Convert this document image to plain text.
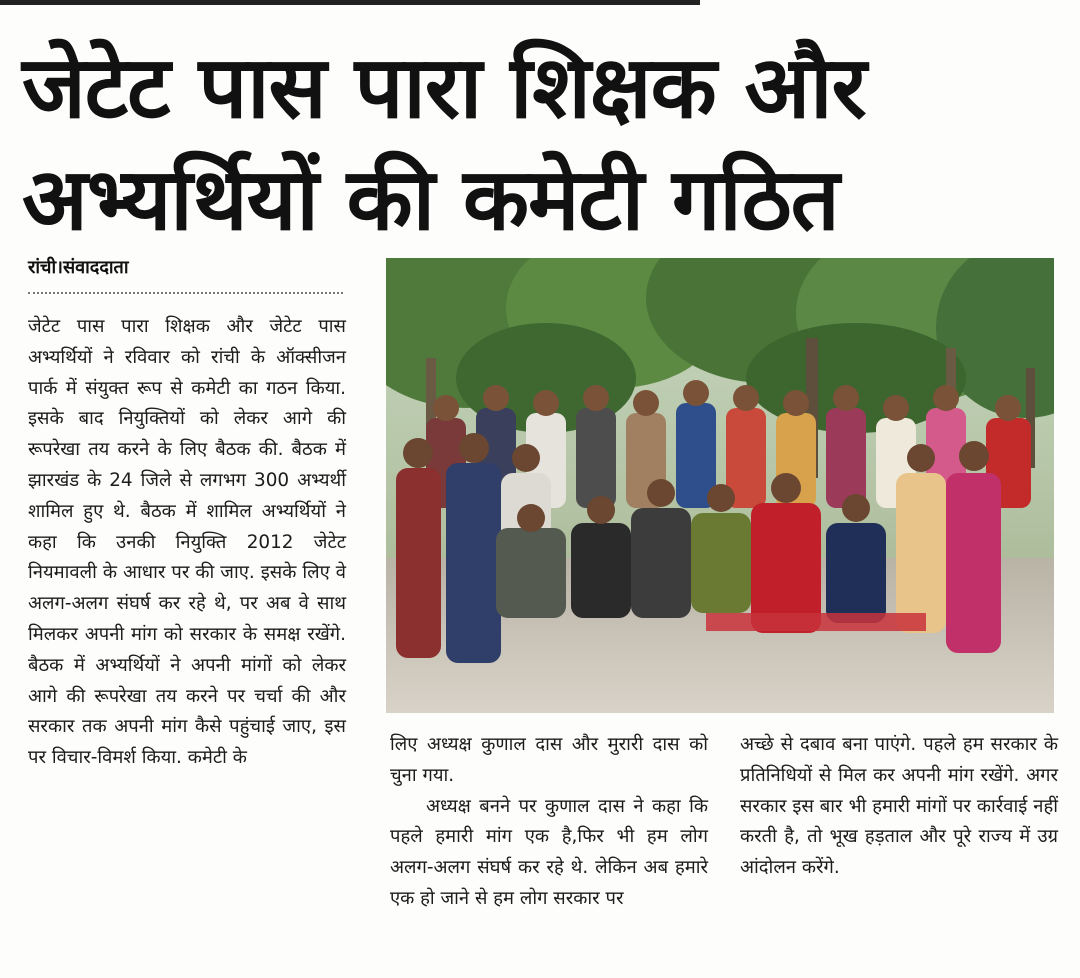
जेटेट पास पारा शिक्षक और अभ्यर्थियों की कमेटी गठित
रांची।संवाददाता

जेटेट पास पारा शिक्षक और जेटेट पास अभ्यर्थियों ने रविवार को रांची के ऑक्सीजन पार्क में संयुक्त रूप से कमेटी का गठन किया. इसके बाद नियुक्तियों को लेकर आगे की रूपरेखा तय करने के लिए बैठक की. बैठक में झारखंड के 24 जिले से लगभग 300 अभ्यर्थी शामिल हुए थे. बैठक में शामिल अभ्यर्थियों ने कहा कि उनकी नियुक्ति 2012 जेटेट नियमावली के आधार पर की जाए. इसके लिए वे अलग-अलग संघर्ष कर रहे थे, पर अब वे साथ मिलकर अपनी मांग को सरकार के समक्ष रखेंगे. बैठक में अभ्यर्थियों ने अपनी मांगों को लेकर आगे की रूपरेखा तय करने पर चर्चा की और सरकार तक अपनी मांग कैसे पहुंचाई जाए, इस पर विचार-विमर्श किया. कमेटी के

लिए अध्यक्ष कुणाल दास और मुरारी दास को चुना गया.

अध्यक्ष बनने पर कुणाल दास ने कहा कि पहले हमारी मांग एक है,फिर भी हम लोग अलग-अलग संघर्ष कर रहे थे. लेकिन अब हमारे एक हो जाने से हम लोग सरकार पर

अच्छे से दबाव बना पाएंगे. पहले हम सरकार के प्रतिनिधियों से मिल कर अपनी मांग रखेंगे. अगर सरकार इस बार भी हमारी मांगों पर कार्रवाई नहीं करती है, तो भूख हड़ताल और पूरे राज्य में उग्र आंदोलन करेंगे.
